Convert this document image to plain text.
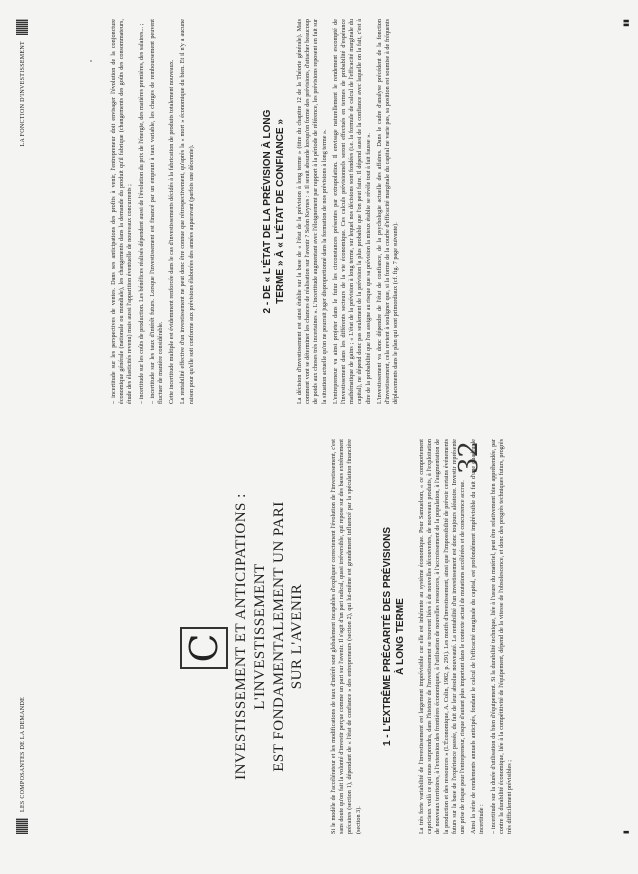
LES COMPOSANTES DE LA DEMANDE
C INVESTISSEMENT ET ANTICIPATIONS : L'INVESTISSEMENT EST FONDAMENTALEMENT UN PARI SUR L'AVENIR	Si le modèle de l'accélérateur et les modifications de taux d'intérêt sont globalement incapables d'expliquer correctement l'évolution de l'investissement, c'est sans doute qu'on fait la volonté d'investir perçue comme un pari sur l'avenir. Il s'agit d'un pari radical, quasi irréversible, qui repose sur des bases extrêmement précaires (section 1), dépendant de « l'état de confiance » des entrepreneurs (section 2), qui lui-même est grandement influencé par la spéculation financière (section 3).

1 - L'EXTRÊME PRÉCARITÉ DES PRÉVISIONS À LONG TERME La très forte variabilité de l'investissement est largement imprévisible car elle est inhérente au système économique. Pour Samuelson, « ce comportement capricieux voilà ce qui nous surprendra, dans l'histoire de l'investissement se trouvent liées à de nouvelles découvertes, de nouveaux produits, à l'exploitation de nouveaux territoires, à l'extension des frontières économiques, à l'utilisation de nouvelles ressources, à l'accroissement de la population, à l'augmentation de la production et des ressources » (L'Économique, A. Colin, 1982, p. 291). Les motifs d'investissement, ainsi que l'impossibilité de prévoir certains événements futurs sur la base de l'expérience passée, du fait de leur absolue nouveauté. La rentabilité d'un investissement est donc toujours aléatoire. Investir représente une prise de risque pour l'entrepreneur, risque d'autant plus important dans le contexte actuel de mutations accélérées et de concurrence accrue. Ainsi la série de rendements annuels anticipés, fondant le calcul de l'efficacité marginale du capital, est profondément imprévisible du fait d'une quadruple incertitude : – incertitude sur la durée d'utilisation du bien d'équipement. Si la durabilité technique, liée à l'usure du matériel, peut être relativement bien appréhendée, par contre la durabilité économique, liée à la compétitivité de l'équipement, dépend de la vitesse de l'obsolescence, et donc des progrès techniques futurs, progrès très difficilement prévisibles ;	▮
LA FONCTION D'INVESTISSEMENT	– incertitude sur les perspectives de ventes. Dans ses anticipations des profits à venir, l'entrepreneur doit envisager l'évolution de la conjoncture économique générale (nationale ou mondiale), les changements dans la demande du produit qu'il fabrique (changements des goûts des consommateurs, étude des élasticités revenu) mais aussi l'apparition éventuelle de nouveaux concurrents ; – incertitude sur les coûts de production. Les bénéfices réalisés dépendent aussi de l'évolution du prix de l'énergie, des matières premières, des salaires... ; – incertitude sur les taux d'intérêt futurs. Lorsque l'investissement est financé par un emprunt à taux variable, les charges de remboursement peuvent fluctuer de manière considérable. Cette incertitude multiple est évidemment renforcée dans le cas d'investissements décidés à la fabrication de produits totalement nouveaux. La rentabilité effective d'un investissement ne peut donc être connue que rétrospectivement, qu'après la « mort » économique du bien. Et il n'y a aucune raison pour qu'elle soit conforme aux prévisions élaborées des années auparavant (parfois une décennie).	2 - DE « L'ÉTAT DE LA PRÉVISION À LONG TERME » À « L'ÉTAT DE CONFIANCE » La décision d'investissement est ainsi établie sur la base de « l'état de la prévision à long terme » (titre du chapitre 12 de la Théorie générale). Mais comment vont se déterminer les chances de réalisation sur l'avenir ? Selon Keynes : « Il serait absurde lorsqu'on forme des prévisions, d'attacher beaucoup de poids aux choses très incertaines ». L'incertitude augmentant avec l'éloignement par rapport à la période de référence, les prévisions reposent en fait sur la situation actuelle qu'on ne pourrait juger disproportionné dans la formation de nos prévisions à long terme ». L'entrepreneur va ainsi projeter dans le futur les circonstances présentes par extrapolation. Il envisage naturellement le rendement escompté de l'investissement dans les différents secteurs de la vie économique. Ces calculs prévisionnels seront effectués en termes de probabilité d'espérance mathématique de gains ; « L'état de la prévision à long terme, sur lequel nos décisions sont fondées (i.e. la formule de calcul de l'efficacité marginale du capital), ne dépend donc pas seulement de la prévision la plus probable que l'on peut faire. Il dépend aussi de la confiance avec laquelle on la fait, c'est à dire de la probabilité que l'on assigne au risque que sa prévision la mieux établie se révèle tout à fait fausse ». L'investissement va donc dépendre de l'état de confiance, de la psychologie actuelle des affaires. Dans le cadre d'analyse précédent de la fonction d'investissement, cela revient à souligner que, si la forme de la courbe d'efficacité marginale du capital ne varie pas, sa position est soumise à de fréquents déplacements dans le plan qui sont primordiaux (cf. fig. 7 page suivante).

▮▮
32
